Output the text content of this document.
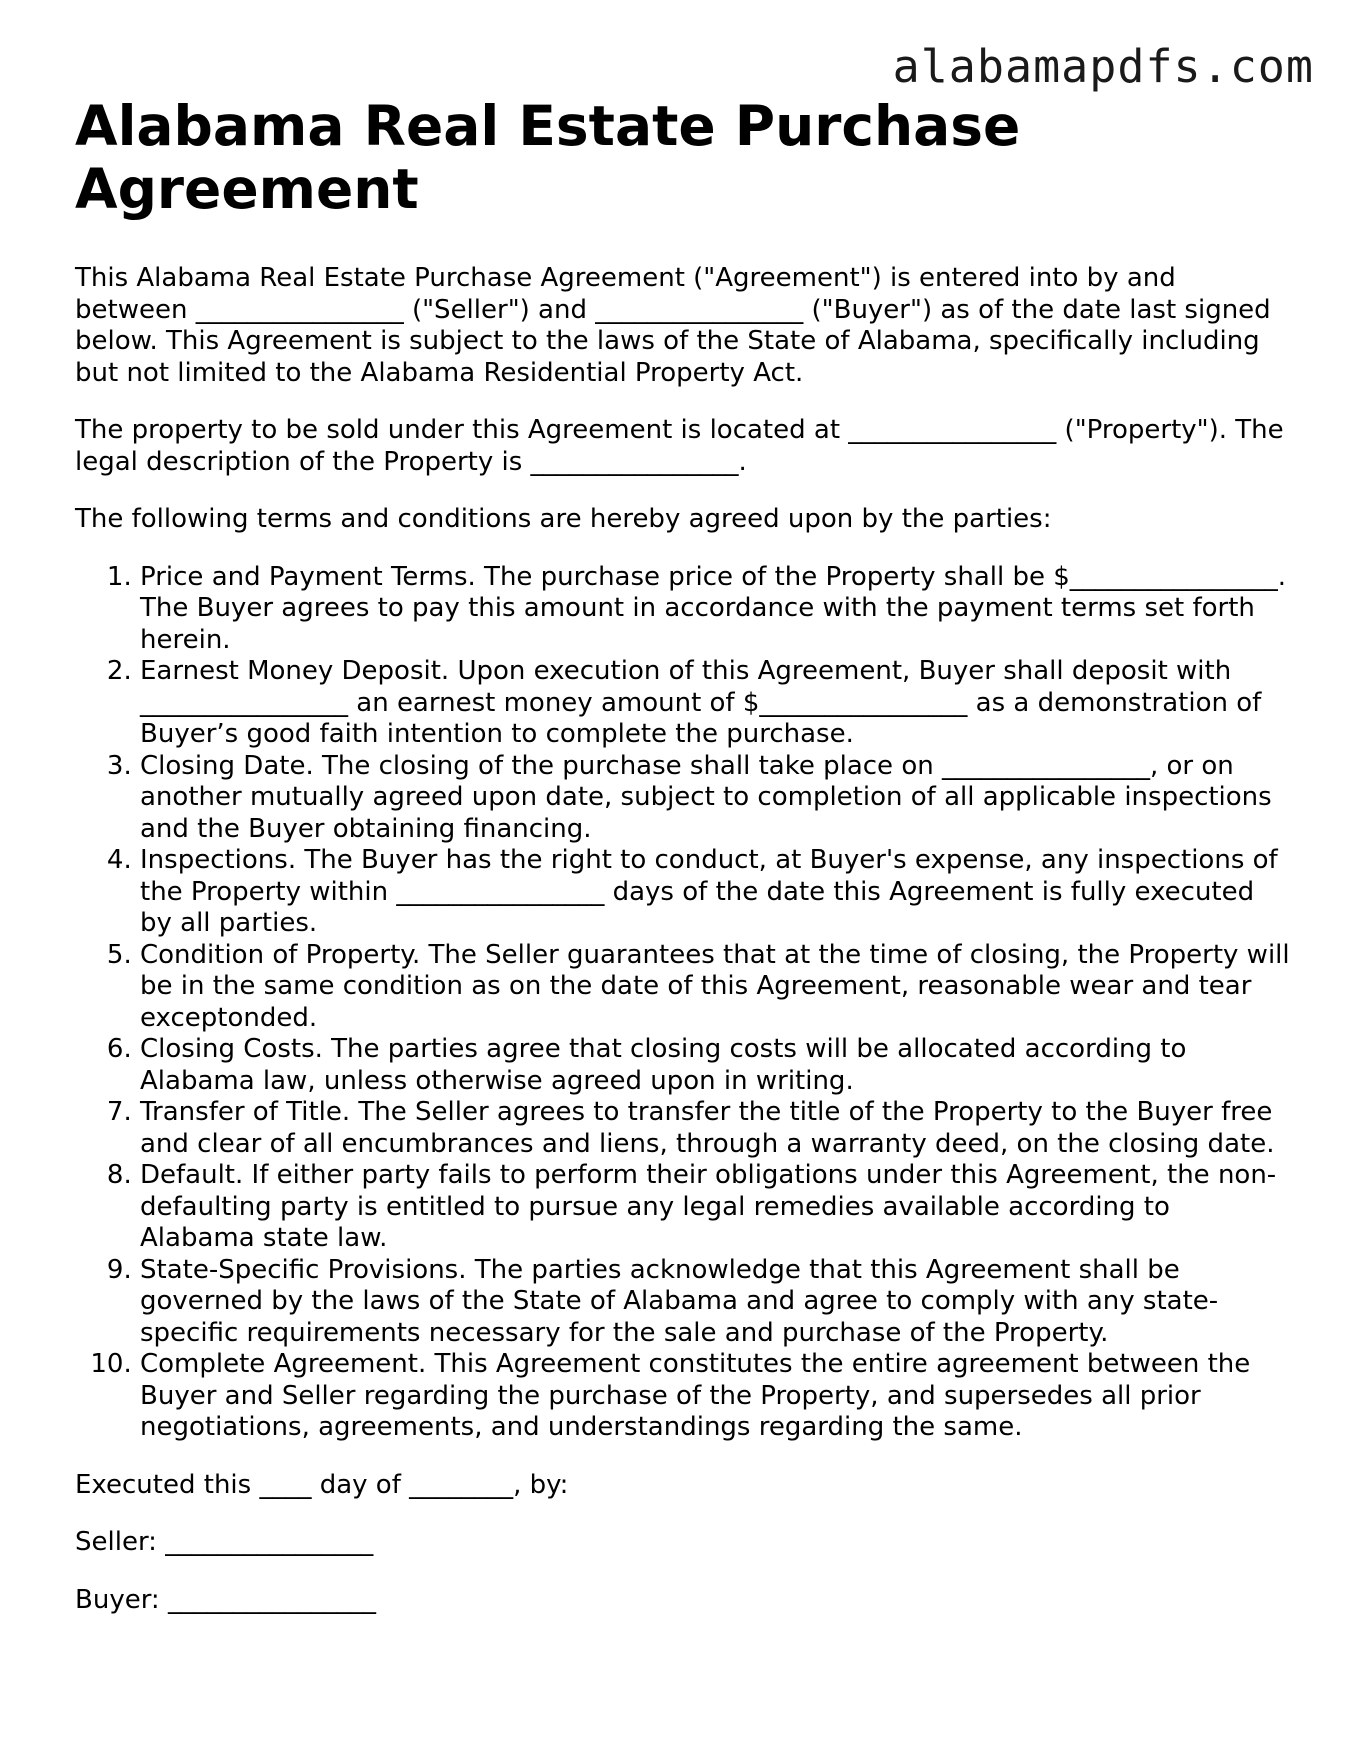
alabamapdfs.com
Alabama Real Estate Purchase Agreement

This Alabama Real Estate Purchase Agreement ("Agreement") is entered into by and between ________________ ("Seller") and ________________ ("Buyer") as of the date last signed below. This Agreement is subject to the laws of the State of Alabama, specifically including but not limited to the Alabama Residential Property Act.

The property to be sold under this Agreement is located at ________________ ("Property"). The legal description of the Property is ________________.

The following terms and conditions are hereby agreed upon by the parties:

1. Price and Payment Terms. The purchase price of the Property shall be $________________. The Buyer agrees to pay this amount in accordance with the payment terms set forth herein.
2. Earnest Money Deposit. Upon execution of this Agreement, Buyer shall deposit with ________________ an earnest money amount of $________________ as a demonstration of Buyer’s good faith intention to complete the purchase.
3. Closing Date. The closing of the purchase shall take place on ________________, or on another mutually agreed upon date, subject to completion of all applicable inspections and the Buyer obtaining financing.
4. Inspections. The Buyer has the right to conduct, at Buyer's expense, any inspections of the Property within ________________ days of the date this Agreement is fully executed by all parties.
5. Condition of Property. The Seller guarantees that at the time of closing, the Property will be in the same condition as on the date of this Agreement, reasonable wear and tear exceptonded.
6. Closing Costs. The parties agree that closing costs will be allocated according to Alabama law, unless otherwise agreed upon in writing.
7. Transfer of Title. The Seller agrees to transfer the title of the Property to the Buyer free and clear of all encumbrances and liens, through a warranty deed, on the closing date.
8. Default. If either party fails to perform their obligations under this Agreement, the non-defaulting party is entitled to pursue any legal remedies available according to Alabama state law.
9. State-Specific Provisions. The parties acknowledge that this Agreement shall be governed by the laws of the State of Alabama and agree to comply with any state-specific requirements necessary for the sale and purchase of the Property.
10. Complete Agreement. This Agreement constitutes the entire agreement between the Buyer and Seller regarding the purchase of the Property, and supersedes all prior negotiations, agreements, and understandings regarding the same.

Executed this ____ day of ________, by:

Seller: ________________

Buyer: ________________
